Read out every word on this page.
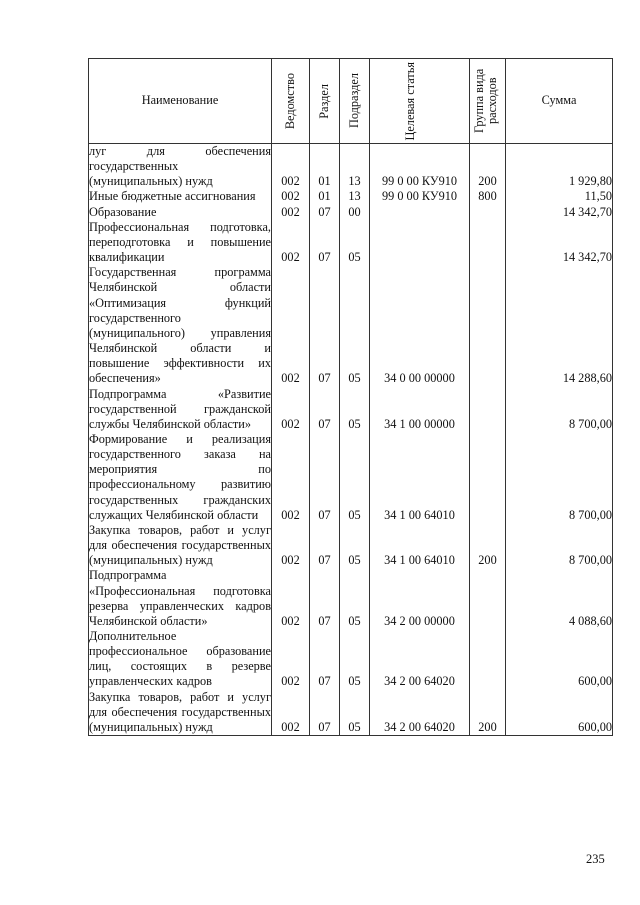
Наименование	Ведомство	Раздел	Подраздел	Целевая статья	Группа вида расходов	Сумма

луг для обеспечения государственных (муниципальных) нужд	002	01	13	99 0 00 КУ910	200	1 929,80

Иные бюджетные ассигнования	002	01	13	99 0 00 КУ910	800	11,50

Образование	002	07	00			14 342,70

Профессиональная подготовка, переподготовка и повышение квалификации	002	07	05			14 342,70

Государственная программа Челябинской области «Оптимизация функций государственного (муниципального) управления Челябинской области и повышение эффективности их обеспечения»	002	07	05	34 0 00 00000		14 288,60

Подпрограмма «Развитие государственной гражданской службы Челябинской области»	002	07	05	34 1 00 00000		8 700,00

Формирование и реализация государственного заказа на мероприятия по профессиональному развитию государственных гражданских служащих Челябинской области	002	07	05	34 1 00 64010		8 700,00

Закупка товаров, работ и услуг для обеспечения государственных (муниципальных) нужд	002	07	05	34 1 00 64010	200	8 700,00

Подпрограмма «Профессиональная подготовка резерва управленческих кадров Челябинской области»	002	07	05	34 2 00 00000		4 088,60

Дополнительное профессиональное образование лиц, состоящих в резерве управленческих кадров	002	07	05	34 2 00 64020		600,00

Закупка товаров, работ и услуг для обеспечения государственных (муниципальных) нужд	002	07	05	34 2 00 64020	200	600,00
235
